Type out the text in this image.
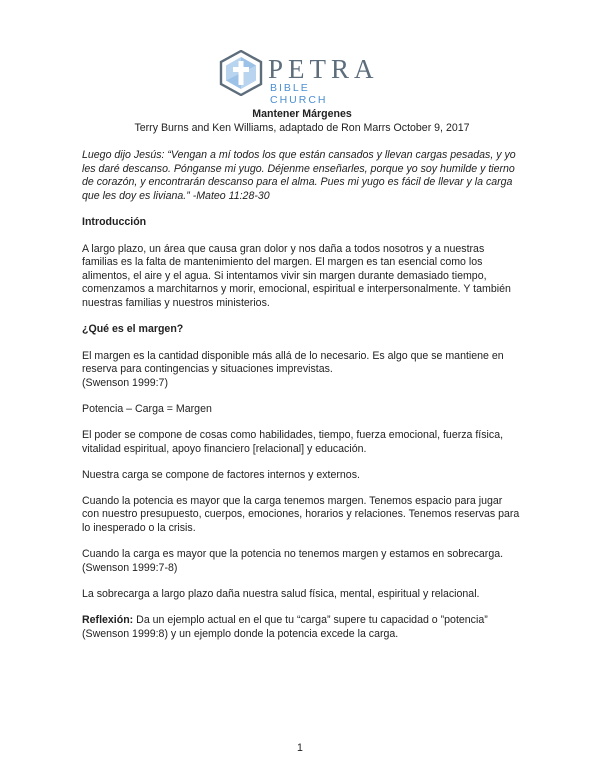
PETRA
BIBLE CHURCH

Mantener Márgenes

Terry Burns and Ken Williams, adaptado de Ron Marrs October 9, 2017

Luego dijo Jesús: “Vengan a mí todos los que están cansados y llevan cargas pesadas, y yo les daré descanso. Pónganse mi yugo. Déjenme enseñarles, porque yo soy humilde y tierno de corazón, y encontrarán descanso para el alma. Pues mi yugo es fácil de llevar y la carga que les doy es liviana.” -Mateo 11:28-30

Introducción

A largo plazo, un área que causa gran dolor y nos daña a todos nosotros y a nuestras familias es la falta de mantenimiento del margen. El margen es tan esencial como los alimentos, el aire y el agua. Si intentamos vivir sin margen durante demasiado tiempo, comenzamos a marchitarnos y morir, emocional, espiritual e interpersonalmente. Y también nuestras familias y nuestros ministerios.

¿Qué es el margen?

El margen es la cantidad disponible más allá de lo necesario. Es algo que se mantiene en reserva para contingencias y situaciones imprevistas.
(Swenson 1999:7)

Potencia – Carga = Margen

El poder se compone de cosas como habilidades, tiempo, fuerza emocional, fuerza física, vitalidad espiritual, apoyo financiero [relacional] y educación.

Nuestra carga se compone de factores internos y externos.

Cuando la potencia es mayor que la carga tenemos margen. Tenemos espacio para jugar con nuestro presupuesto, cuerpos, emociones, horarios y relaciones. Tenemos reservas para lo inesperado o la crisis.

Cuando la carga es mayor que la potencia no tenemos margen y estamos en sobrecarga.
(Swenson 1999:7-8)

La sobrecarga a largo plazo daña nuestra salud física, mental, espiritual y relacional.

Reflexión: Da un ejemplo actual en el que tu “carga” supere tu capacidad o ”potencia” (Swenson 1999:8) y un ejemplo donde la potencia excede la carga.

1
